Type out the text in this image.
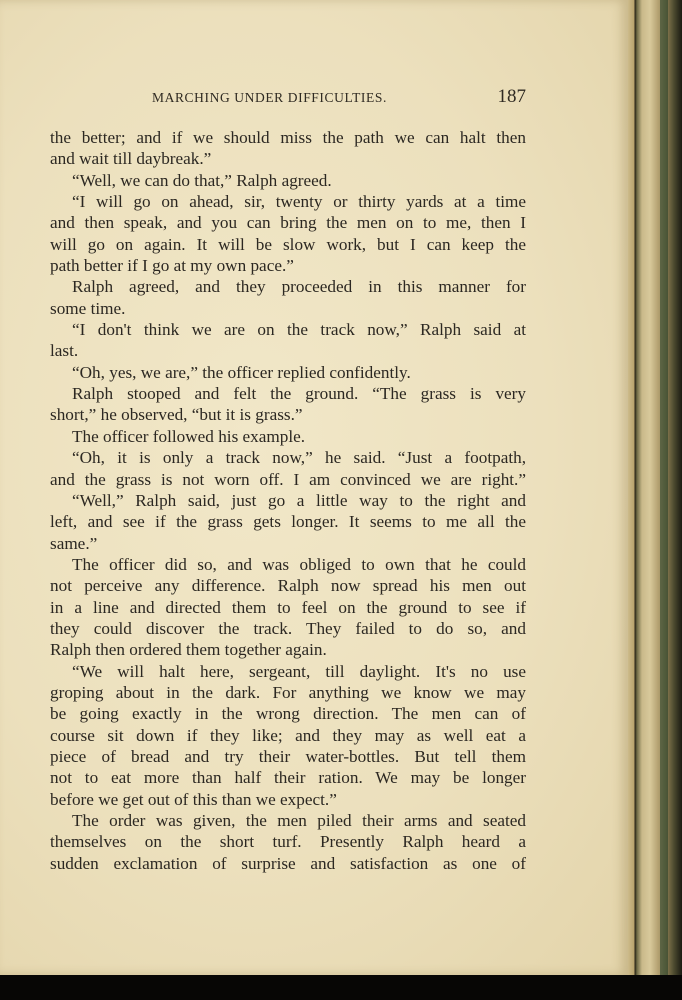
MARCHING UNDER DIFFICULTIES.	187
the better; and if we should miss the path we can halt then
and wait till daybreak.”
“Well, we can do that,” Ralph agreed.
“I will go on ahead, sir, twenty or thirty yards at a time
and then speak, and you can bring the men on to me, then I
will go on again. It will be slow work, but I can keep the
path better if I go at my own pace.”
Ralph agreed, and they proceeded in this manner for
some time.
“I don't think we are on the track now,” Ralph said at
last.
“Oh, yes, we are,” the officer replied confidently.
Ralph stooped and felt the ground. “The grass is very
short,” he observed, “but it is grass.”
The officer followed his example.
“Oh, it is only a track now,” he said. “Just a footpath,
and the grass is not worn off. I am convinced we are right.”
“Well,” Ralph said, just go a little way to the right and
left, and see if the grass gets longer. It seems to me all the
same.”
The officer did so, and was obliged to own that he could
not perceive any difference. Ralph now spread his men out
in a line and directed them to feel on the ground to see if
they could discover the track. They failed to do so, and
Ralph then ordered them together again.
“We will halt here, sergeant, till daylight. It's no use
groping about in the dark. For anything we know we may
be going exactly in the wrong direction. The men can of
course sit down if they like; and they may as well eat a
piece of bread and try their water-bottles. But tell them
not to eat more than half their ration. We may be longer
before we get out of this than we expect.”
The order was given, the men piled their arms and seated
themselves on the short turf. Presently Ralph heard a
sudden exclamation of surprise and satisfaction as one of
